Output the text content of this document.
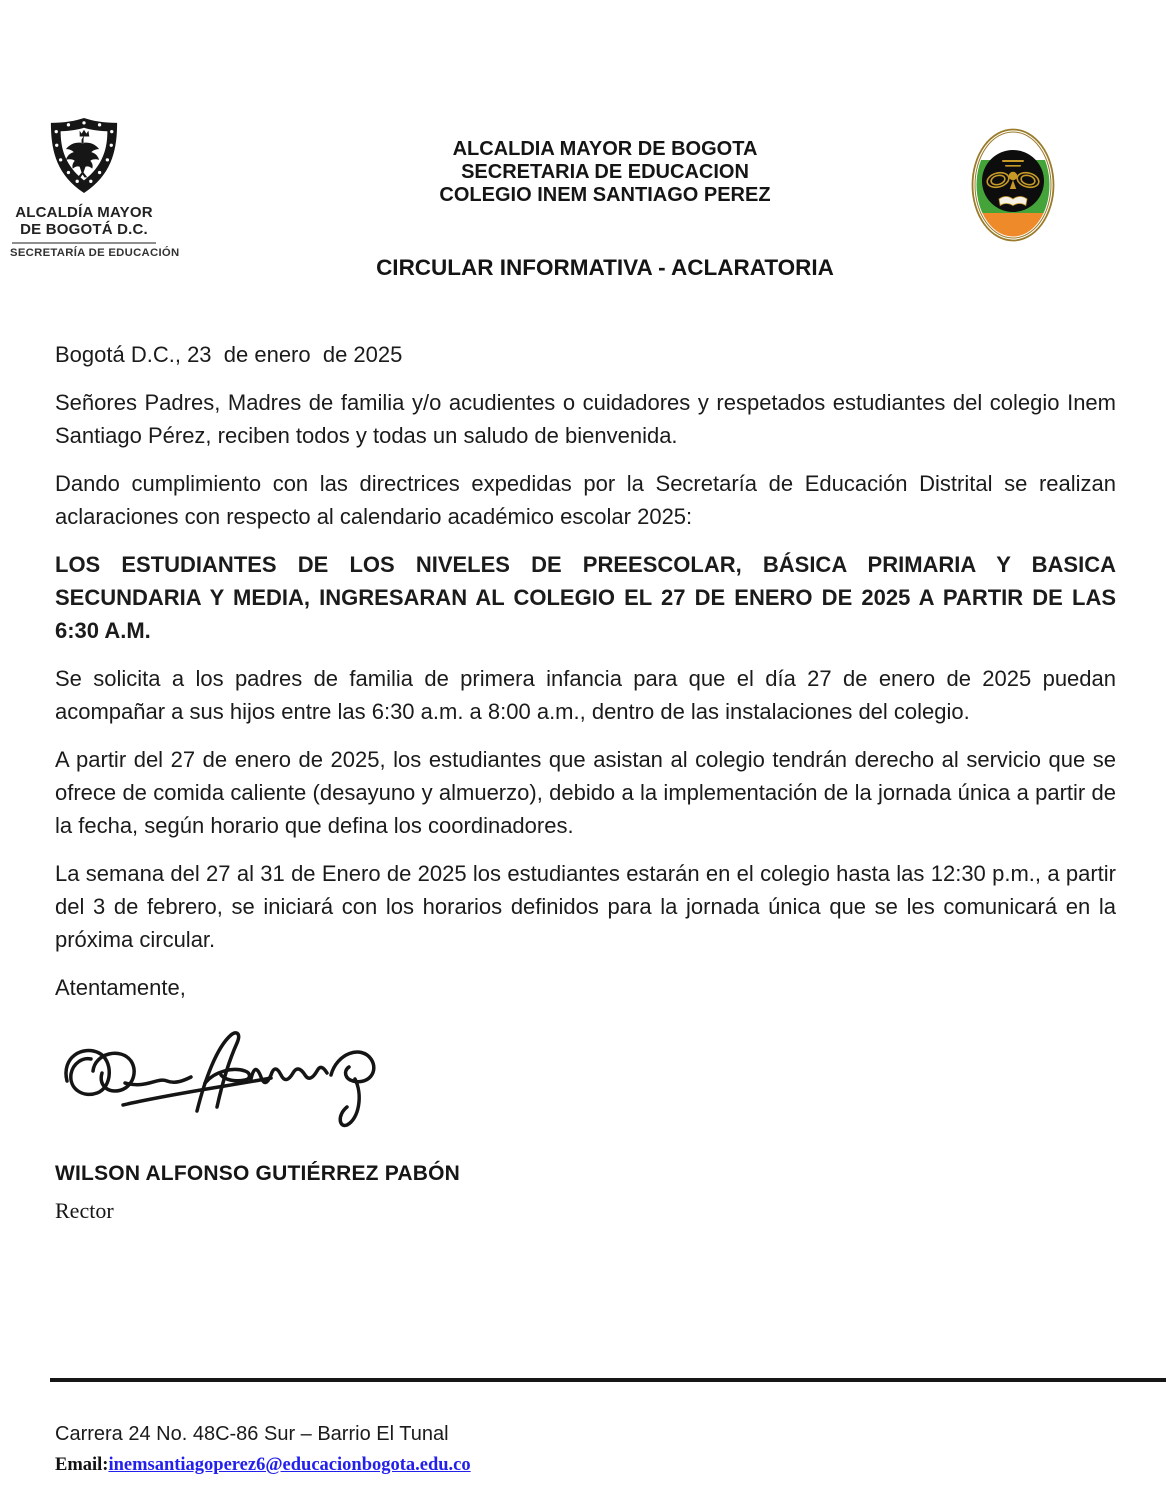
ALCALDÍA MAYOR
DE BOGOTÁ D.C.
SECRETARÍA DE EDUCACIÓN
ALCALDIA MAYOR DE BOGOTA
SECRETARIA DE EDUCACION
COLEGIO INEM SANTIAGO PEREZ
CIRCULAR INFORMATIVA - ACLARATORIA

Bogotá D.C., 23  de enero  de 2025

Señores Padres, Madres de familia y/o acudientes o cuidadores y respetados estudiantes del colegio Inem Santiago Pérez, reciben todos y todas un saludo de bienvenida.

Dando cumplimiento con las directrices expedidas por la Secretaría de Educación Distrital se realizan aclaraciones con respecto al calendario académico escolar 2025:

LOS ESTUDIANTES DE LOS NIVELES DE PREESCOLAR, BÁSICA PRIMARIA Y BASICA SECUNDARIA Y MEDIA, INGRESARAN AL COLEGIO EL 27 DE ENERO DE 2025 A PARTIR DE LAS 6:30 A.M.

Se solicita a los padres de familia de primera infancia para que el día 27 de enero de 2025 puedan acompañar a sus hijos entre las 6:30 a.m. a 8:00 a.m., dentro de las instalaciones del colegio.

A partir del 27 de enero de 2025, los estudiantes que asistan al colegio tendrán derecho al servicio que se ofrece de comida caliente (desayuno y almuerzo), debido a la implementación de la jornada única a partir de la fecha, según horario que defina los coordinadores.

La semana del 27 al 31 de Enero de 2025 los estudiantes estarán en el colegio hasta las 12:30 p.m., a partir del 3 de febrero, se iniciará con los horarios definidos para la jornada única que se les comunicará en la próxima circular.

Atentamente,

WILSON ALFONSO GUTIÉRREZ PABÓN
Rector
Carrera 24 No. 48C-86 Sur – Barrio El Tunal
Email:inemsantiagoperez6@educacionbogota.edu.co
